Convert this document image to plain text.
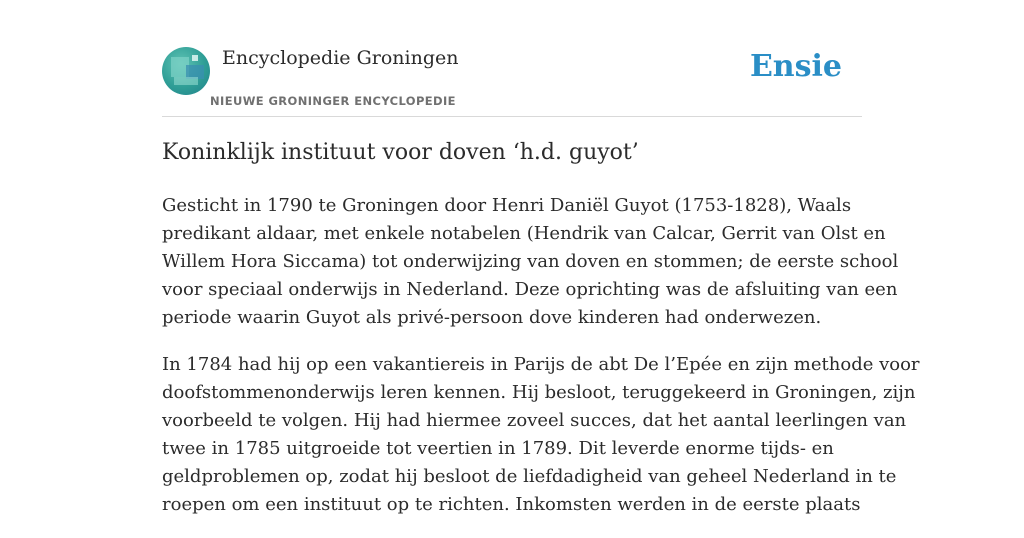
Encyclopedie Groningen
NIEUWE GRONINGER ENCYCLOPEDIE
Ensie
Koninklijk instituut voor doven ‘h.d. guyot’

Gesticht in 1790 te Groningen door Henri Daniël Guyot (1753-1828), Waals
predikant aldaar, met enkele notabelen (Hendrik van Calcar, Gerrit van Olst en
Willem Hora Siccama) tot onderwijzing van doven en stommen; de eerste school
voor speciaal onderwijs in Nederland. Deze oprichting was de afsluiting van een
periode waarin Guyot als privé-persoon dove kinderen had onderwezen.

In 1784 had hij op een vakantiereis in Parijs de abt De l’Epée en zijn methode voor
doofstommenonderwijs leren kennen. Hij besloot, teruggekeerd in Groningen, zijn
voorbeeld te volgen. Hij had hiermee zoveel succes, dat het aantal leerlingen van
twee in 1785 uitgroeide tot veertien in 1789. Dit leverde enorme tijds- en
geldproblemen op, zodat hij besloot de liefdadigheid van geheel Nederland in te
roepen om een instituut op te richten. Inkomsten werden in de eerste plaats
